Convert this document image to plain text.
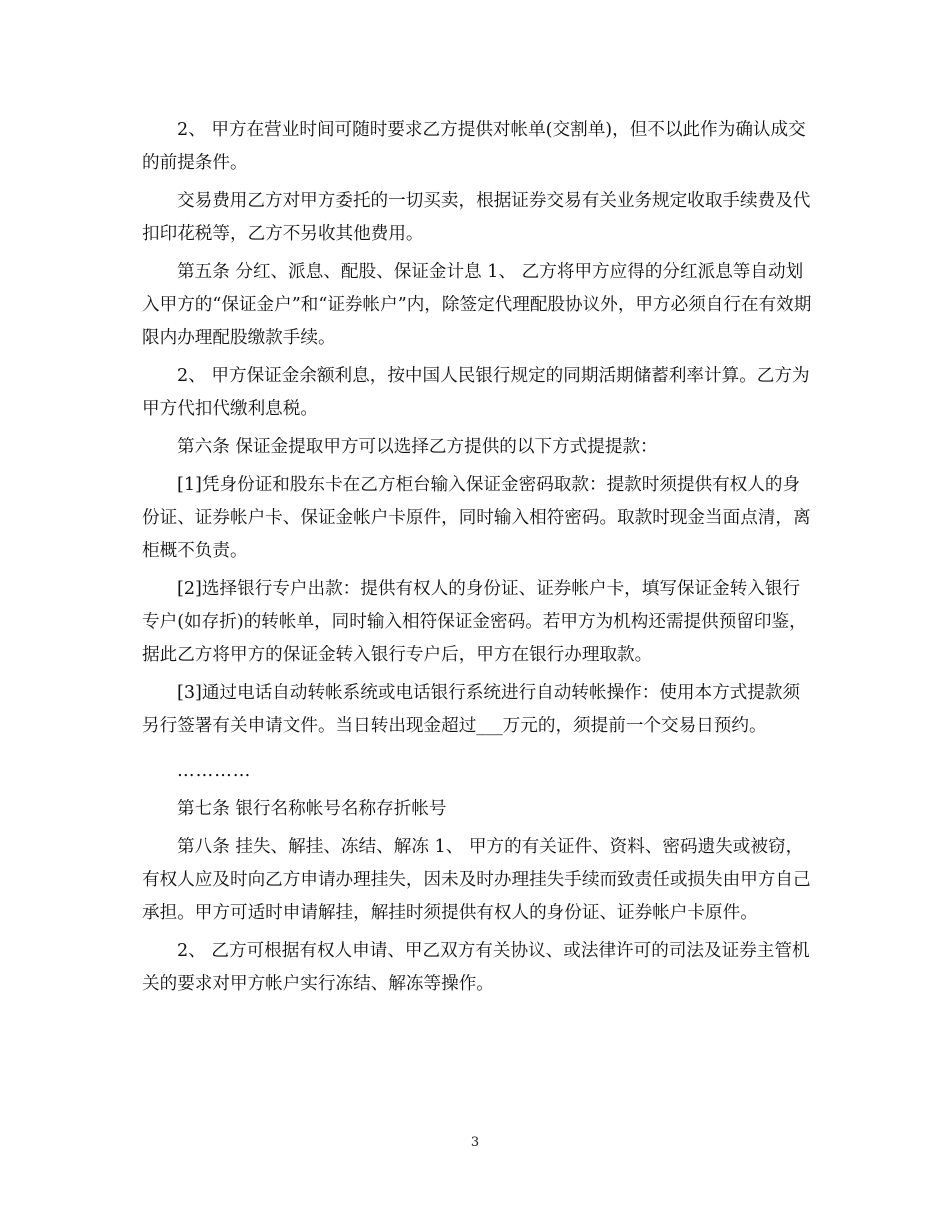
2、 甲方在营业时间可随时要求乙方提供对帐单(交割单)，但不以此作为确认成交的前提条件。

交易费用乙方对甲方委托的一切买卖，根据证券交易有关业务规定收取手续费及代扣印花税等，乙方不另收其他费用。

第五条 分红、派息、配股、保证金计息 1、 乙方将甲方应得的分红派息等自动划入甲方的“保证金户”和“证券帐户”内，除签定代理配股协议外，甲方必须自行在有效期限内办理配股缴款手续。

2、 甲方保证金余额利息，按中国人民银行规定的同期活期储蓄利率计算。乙方为甲方代扣代缴利息税。

第六条 保证金提取甲方可以选择乙方提供的以下方式提提款：

[1]凭身份证和股东卡在乙方柜台输入保证金密码取款：提款时须提供有权人的身份证、证券帐户卡、保证金帐户卡原件，同时输入相符密码。取款时现金当面点清，离柜概不负责。

[2]选择银行专户出款：提供有权人的身份证、证券帐户卡，填写保证金转入银行专户(如存折)的转帐单，同时输入相符保证金密码。若甲方为机构还需提供预留印鉴，据此乙方将甲方的保证金转入银行专户后，甲方在银行办理取款。

[3]通过电话自动转帐系统或电话银行系统进行自动转帐操作：使用本方式提款须另行签署有关申请文件。当日转出现金超过___万元的，须提前一个交易日预约。

…………

第七条 银行名称帐号名称存折帐号

第八条 挂失、解挂、冻结、解冻 1、 甲方的有关证件、资料、密码遗失或被窃，有权人应及时向乙方申请办理挂失，因未及时办理挂失手续而致责任或损失由甲方自己承担。甲方可适时申请解挂，解挂时须提供有权人的身份证、证券帐户卡原件。

2、 乙方可根据有权人申请、甲乙双方有关协议、或法律许可的司法及证券主管机关的要求对甲方帐户实行冻结、解冻等操作。

3
